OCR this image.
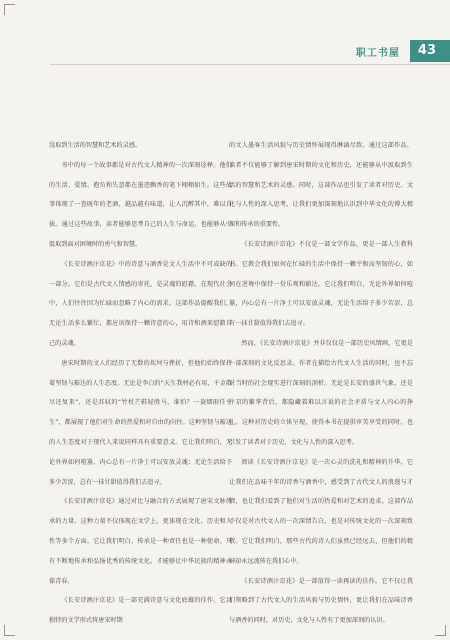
职工书屋	43

没取到生活的智慧和艺术的灵感。

书中的每一个故事都是对古代文人精神的一次深刻诠释。他们的生活、爱情、抱负和失意都在墨迹飘香的笔下栩栩如生。这些故事体现了一查既年的老酒，越品越有味道，让人沉醉其中，难以自拔。通过这些故事，读者能够思考自己的人生与命运，也能够从中汲取到面对困境时的勇气和智慧。

《长安诗酒汴京花》中的诗意与酒香是文人生活中不可或缺的一部分。它们是古代文人情感的寄托，是灵魂的慰藉。在现代社会中，人们往往因为忙碌而忽略了内心的需求。这部作品提醒我们，无论生活多么繁忙，都应该保持一颗诗意的心，用诗和酒来慰藉自己的灵魂。

唐宋时期的文人们经历了无数的坎坷与挫折，但他们始终保持着坚韧与豁达的人生态度。无论是李白的“天生我材必有用，千金散尽还复来”，还是苏轼的“竹杖芒鞋轻胜马，谁怕？一蓑烟雨任平生”，都展现了他们对生命的热爱和对自由的向往。这种坚韧与豁达的人生态度对于现代人来说同样具有重要意义。它让我们明白，无论外界如何喧嚣，内心总有一片净土可以安放灵魂；无论生活给予多少苦涩，总有一抹甘甜值得我们去追寻。

《长安诗酒汴京花》通过对比与融合的方式展现了唐宋文脉传承的力量。这种力量不仅体现在文学上，更体现在文化、历史和人性等多个方面。它让我们明白，传承是一种责任也是一种使命。只有不断地传承和弘扬优秀的传统文化，才能够让中华民族的精神永葆青春。

《长安诗酒汴京花》是一部充满诗意与文化底蕴的佳作。它以独特的文学形式将唐宋时期

的文人墨客生活风貌与历史情怀展现得淋漓尽致。通过这部作品，读者不仅能够了解到唐宋时期的文化和历史，还能够从中汲取到生活的智慧和艺术的灵感。同时，这部作品也引发了读者对历史、文化与人性的深入思考，让我们更加深刻地认识到中华文化的博大精深和传承的重要性。

《长安诗酒汴京花》不仅是一部文学作品，更是一部人生教科书。它教会我们如何在忙碌的生活中保持一颗平和而坚韧的心，如何在逆境中保持一份乐观和豁达。它让我们明白，无论外界如何喧嚣，内心总有一片净土可以安放灵魂，无论生活给予多少苦涩，总有一抹甘甜值得我们去追寻。

然而，《长安诗酒汴京花》并非仅仅是一部历史风情画，它更是一部深刻的文化反思录。作者在描绘古代文人生活的同时，也不忘对当时的社会现实进行深刻的剖析。无论是长安的盛世气象，还是汴京的繁华背后，都隐藏着难以言说的社会矛盾与文人内心的挣扎。这种对历史的立体呈现，使得本书在提供审美享受的同时，也引发了读者对于历史、文化与人性的深入思考。

阅读《长安诗酒汴京花》是一次心灵的洗礼和精神的升华。它让我们在品味千年的诗香与酒香中，感受到了古代文人的浪漫与才情，也让我们看到了他们对生活的热爱和对艺术的追求。这部作品不仅是对古代文人的一次深情告白，也是对传统文化的一次深刻致敬。它让我们明白，那些古代的诗人们虽然已经远去，但他们的精神却永远流传在我们心中。

《长安诗酒汴京花》是一部值得一读再读的佳作。它不仅让我们领略到了古代文人的生活风貌与历史情怀，更让我们在品味诗香与酒香的同时，对历史、文化与人性有了更加深刻的认识。
